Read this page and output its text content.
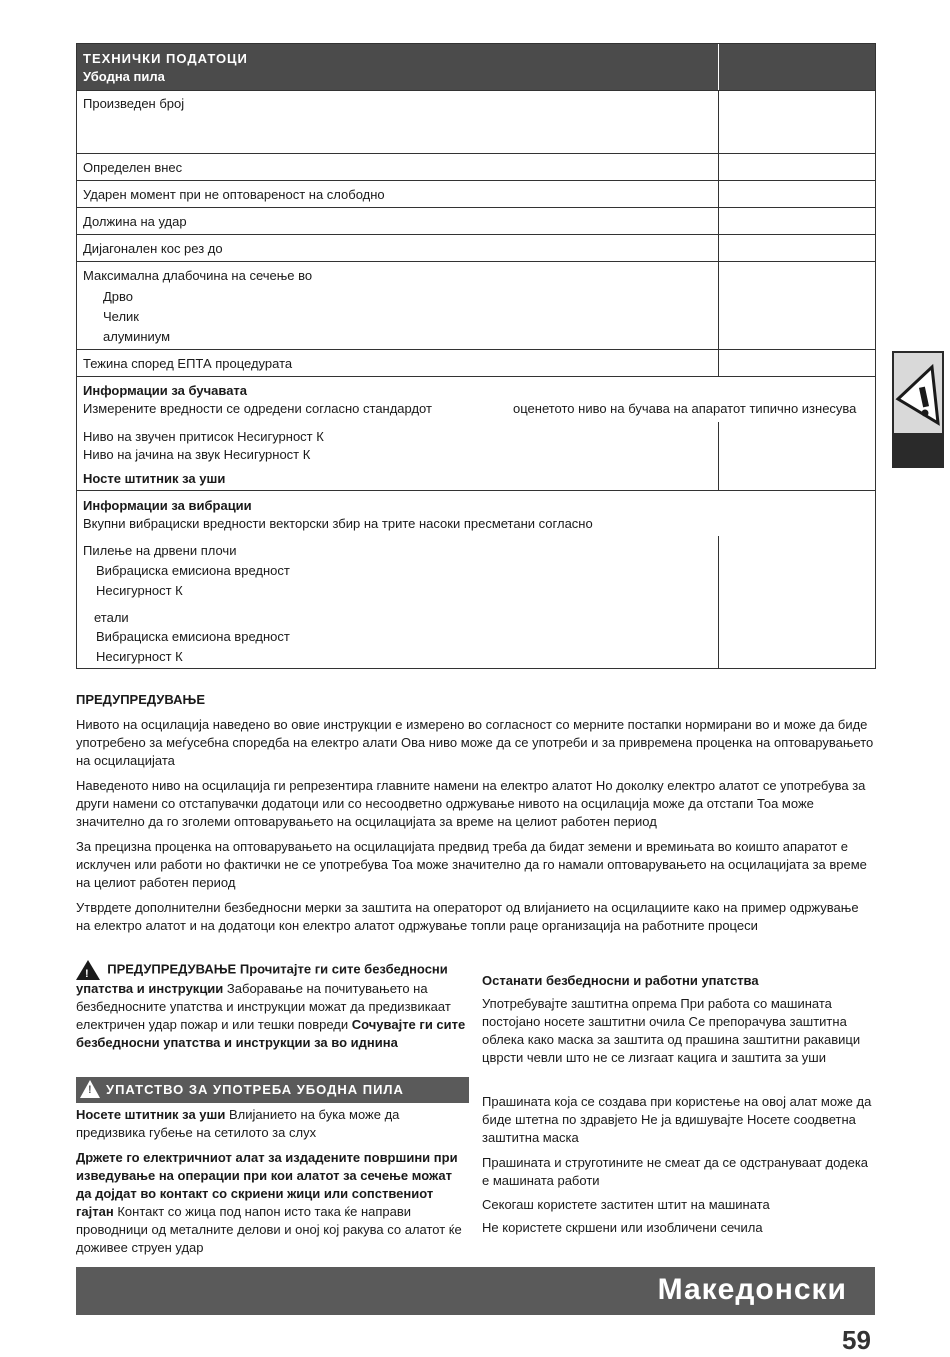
ТЕХНИЧКИ ПОДАТОЦИ
Убодна пила
Произведен број
Определен внес
Ударен момент при не оптовареност на слободно
Должина на удар
Дијагонален кос рез до
Максимална длабочина на сечење во
Дрво
Челик
алуминиум
Тежина според ЕПТА процедурата
Информации за бучавата
Измерените вредности се одредени согласно стандардот	оценетото ниво на бучава на апаратот типично изнесува
Ниво на звучен притисок Несигурност К
Ниво на јачина на звук Несигурност К
Носте штитник за уши
Информации за вибрации
Вкупни вибрациски вредности векторски збир на трите насоки пресметани согласно
Пилење на дрвени плочи
Вибрациска емисиона вредност
Несигурност К
етали
Вибрациска емисиона вредност
Несигурност К
ПРЕДУПРЕДУВАЊЕ
Нивото на осцилација наведено во овие инструкции е измерено во согласност со мерните постапки нормирани во и може да биде употребено за меѓусебна споредба на електро алати Ова ниво може да се употреби и за привремена проценка на оптоварувањето на осцилацијата
Наведеното ниво на осцилација ги репрезентира главните намени на електро алатот Но доколку електро алатот се употребува за други намени со отстапувачки додатоци или со несоодветно одржување нивото на осцилација може да отстапи Тоа може значително да го зголеми оптоварувањето на осцилацијата за време на целиот работен период
За прецизна проценка на оптоварувањето на осцилацијата предвид треба да бидат земени и времињата во коишто апаратот е исклучен или работи но фактички не се употребува Тоа може значително да го намали оптоварувањето на осцилацијата за време на целиот работен период
Утврдете дополнителни безбедносни мерки за заштита на операторот од влијанието на осцилациите како на пример одржување на електро алатот и на додатоци кон електро алатот одржување топли раце организација на работните процеси
! ПРЕДУПРЕДУВАЊЕ Прочитајте ги сите безбедносни упатства и инструкции Заборавање на почитувањето на безбедносните упатства и инструкции можат да предизвикаат електричен удар пожар и или тешки повреди Сочувајте ги сите безбедносни упатства и инструкции за во иднина
! УПАТСТВО ЗА УПОТРЕБА УБОДНА ПИЛА
Носете штитник за уши Влијанието на бука може да предизвика губење на сетилото за слух
Држете го електричниот алат за издадените површини при изведување на операции при кои алатот за сечење можат да дојдат во контакт со скриени жици или сопствениот гајтан Контакт со жица под напон исто така ќе направи проводници од металните делови и оној кој ракува со алатот ќе доживее струен удар
Останати безбедносни и работни упатства
Употребувајте заштитна опрема При работа со машината постојано носете заштитни очила Се препорачува заштитна облека како маска за заштита од прашина заштитни ракавици цврсти чевли што не се лизгаат кацига и заштита за уши
Прашината која се создава при користење на овој алат може да биде штетна по здравјето Не ја вдишувајте Носете соодветна заштитна маска
Прашината и струготините не смеат да се одстрануваат додека е машината работи
Секогаш користете заститен штит на машината
Не користете скршени или изобличени сечила
Македонски
59
